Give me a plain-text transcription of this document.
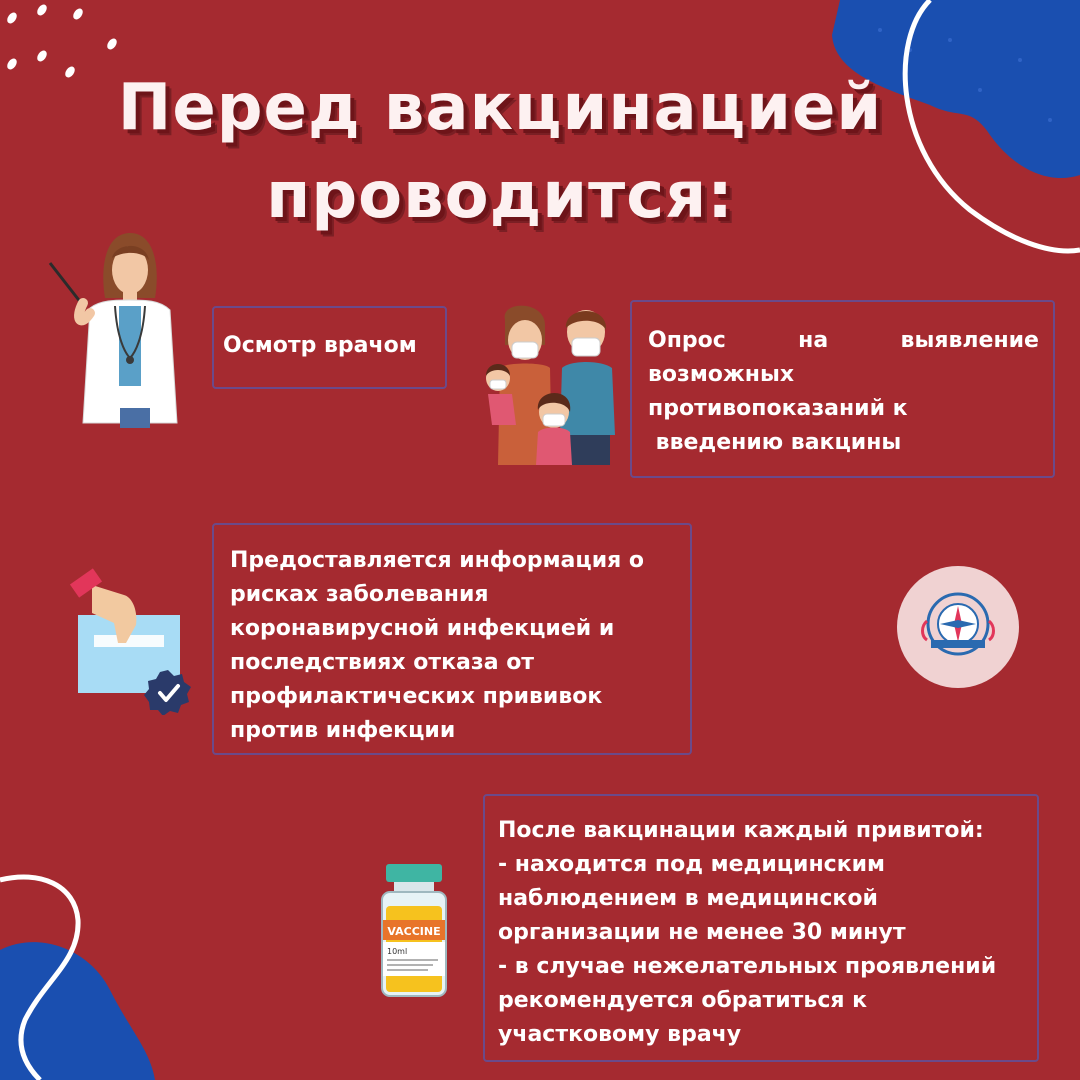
Перед вакцинацией
проводится:
Осмотр врачом	Опрос	на	выявление
возможных
противопоказаний к
введению вакцины
Предоставляется информация о
рисках заболевания
коронавирусной инфекцией и
последствиях отказа от
профилактических прививок
против инфекции
VACCINE
10ml
После вакцинации каждый привитой:
- находится под медицинским
наблюдением в медицинской
организации не менее 30 минут
- в случае нежелательных проявлений
рекомендуется обратиться к
участковому врачу
